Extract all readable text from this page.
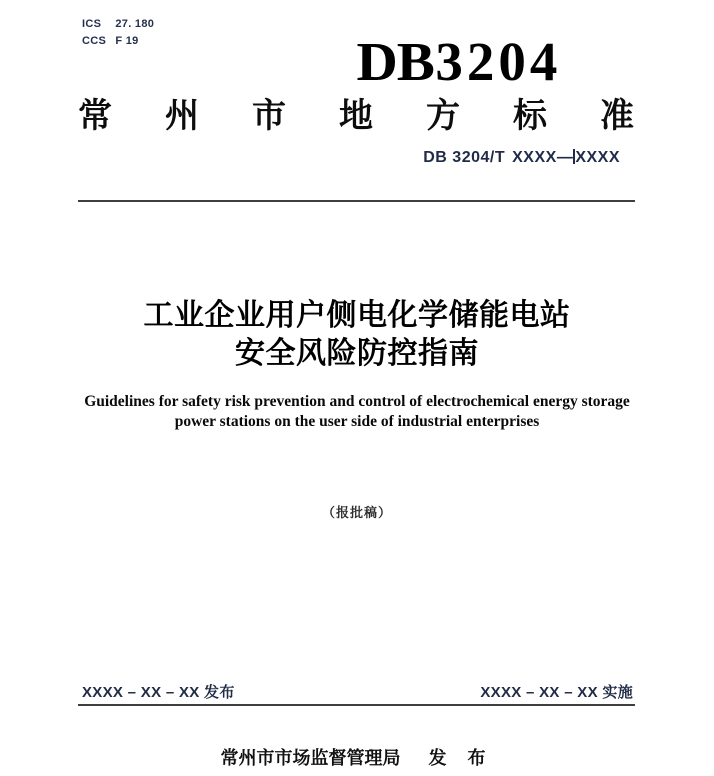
ICS 27. 180
CCS F 19	DB3204
常 州 市 地 方 标 准
DB 3204/T XXXX— XXXX
工业企业用户侧电化学储能电站
安全风险防控指南
Guidelines for safety risk prevention and control of electrochemical energy storage
power stations on the user side of industrial enterprises
（报批稿）
XXXX – XX – XX 发布	XXXX – XX – XX 实施
常州市市场监督管理局 发 布
